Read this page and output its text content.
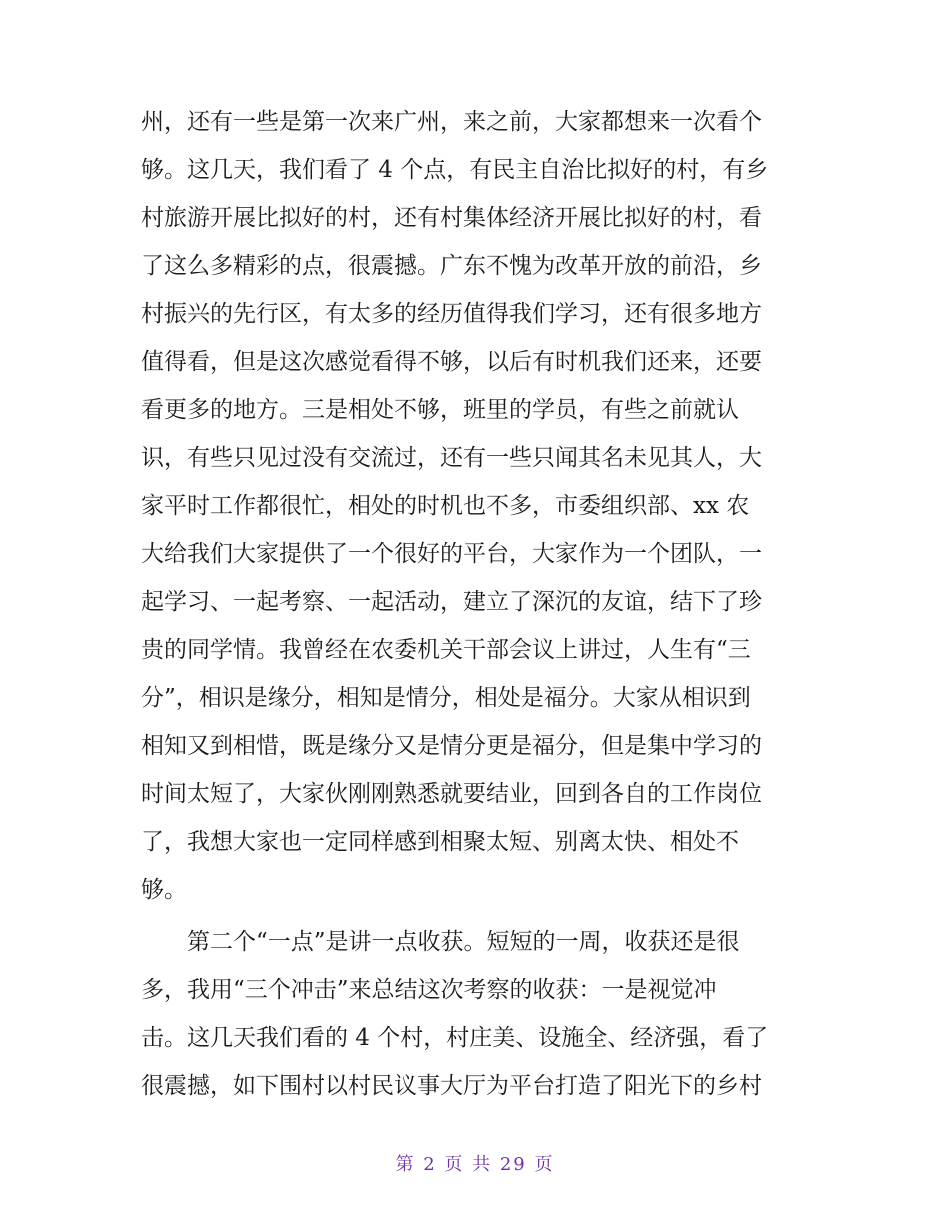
州，还有一些是第一次来广州，来之前，大家都想来一次看个
够。这几天，我们看了 4 个点，有民主自治比拟好的村，有乡
村旅游开展比拟好的村，还有村集体经济开展比拟好的村，看
了这么多精彩的点，很震撼。广东不愧为改革开放的前沿，乡
村振兴的先行区，有太多的经历值得我们学习，还有很多地方
值得看，但是这次感觉看得不够，以后有时机我们还来，还要
看更多的地方。三是相处不够，班里的学员，有些之前就认
识，有些只见过没有交流过，还有一些只闻其名未见其人，大
家平时工作都很忙，相处的时机也不多，市委组织部、xx 农
大给我们大家提供了一个很好的平台，大家作为一个团队，一
起学习、一起考察、一起活动，建立了深沉的友谊，结下了珍
贵的同学情。我曾经在农委机关干部会议上讲过，人生有“三
分”，相识是缘分，相知是情分，相处是福分。大家从相识到
相知又到相惜，既是缘分又是情分更是福分，但是集中学习的
时间太短了，大家伙刚刚熟悉就要结业，回到各自的工作岗位
了，我想大家也一定同样感到相聚太短、别离太快、相处不
够。
第二个“一点”是讲一点收获。短短的一周，收获还是很
多，我用“三个冲击”来总结这次考察的收获：一是视觉冲
击。这几天我们看的 4 个村，村庄美、设施全、经济强，看了
很震撼，如下围村以村民议事大厅为平台打造了阳光下的乡村
第 2 页 共 29 页
